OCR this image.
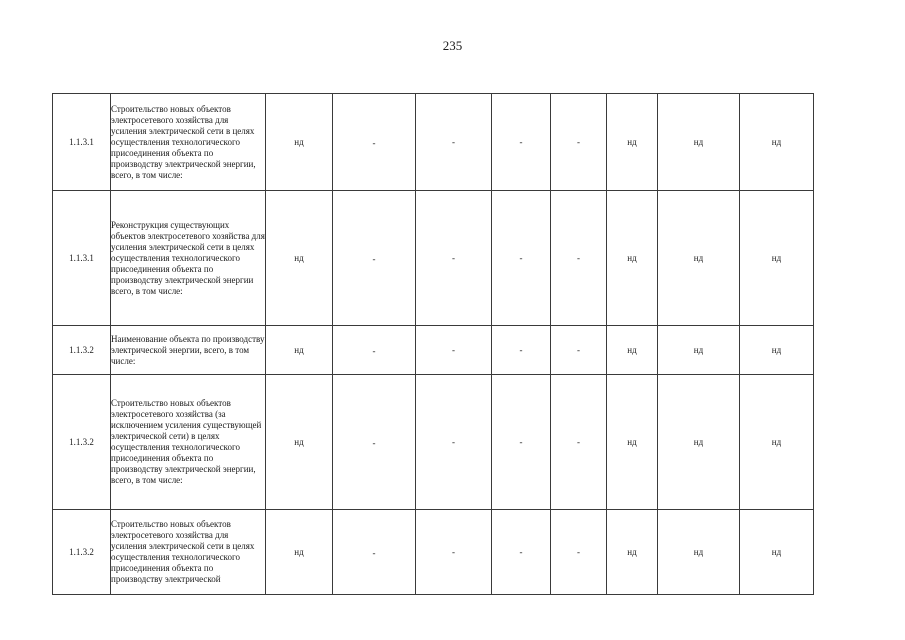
235
1.1.3.1	Строительство новых объектов электросетевого хозяйства для усиления электрической сети в целях осуществления технологического присоединения объекта по производству электрической энергии, всего, в том числе:	нд	-	-	-	-	нд	нд	нд
1.1.3.1	Реконструкция существующих объектов электросетевого хозяйства для усиления электрической сети в целях осуществления технологического присоединения объекта по производству электрической энергии всего, в том числе:	нд	-	-	-	-	нд	нд	нд
1.1.3.2	Наименование объекта по производству электрической энергии, всего, в том числе:	нд	-	-	-	-	нд	нд	нд
1.1.3.2	Строительство новых объектов электросетевого хозяйства (за исключением усиления существующей электрической сети) в целях осуществления технологического присоединения объекта по производству электрической энергии, всего, в том числе:	нд	-	-	-	-	нд	нд	нд
1.1.3.2	Строительство новых объектов электросетевого хозяйства для усиления электрической сети в целях осуществления технологического присоединения объекта по производству электрической	нд	-	-	-	-	нд	нд	нд
